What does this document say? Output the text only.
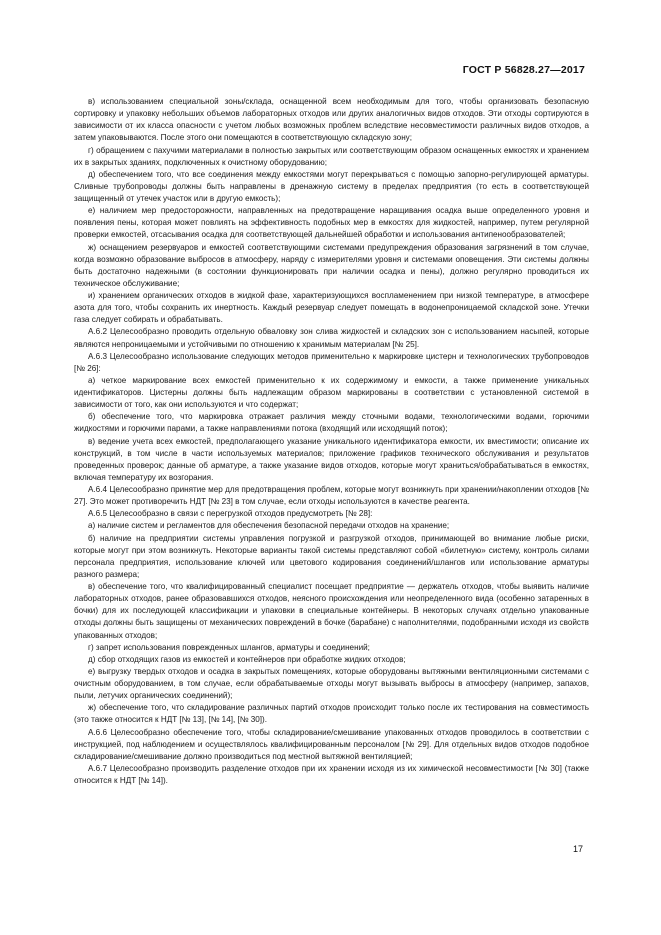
ГОСТ Р 56828.27—2017

в) использованием специальной зоны/склада, оснащенной всем необходимым для того, чтобы организовать безопасную сортировку и упаковку небольших объемов лабораторных отходов или других аналогичных видов отходов. Эти отходы сортируются в зависимости от их класса опасности с учетом любых возможных проблем вследствие несовместимости различных видов отходов, а затем упаковываются. После этого они помещаются в соответствующую складскую зону;

г) обращением с пахучими материалами в полностью закрытых или соответствующим образом оснащенных емкостях и хранением их в закрытых зданиях, подключенных к очистному оборудованию;

д) обеспечением того, что все соединения между емкостями могут перекрываться с помощью запорно-регулирующей арматуры. Сливные трубопроводы должны быть направлены в дренажную систему в пределах предприятия (то есть в соответствующей защищенный от утечек участок или в другую емкость);

е) наличием мер предосторожности, направленных на предотвращение наращивания осадка выше определенного уровня и появления пены, которая может повлиять на эффективность подобных мер в емкостях для жидкостей, например, путем регулярной проверки емкостей, отсасывания осадка для соответствующей дальнейшей обработки и использования антипенообразователей;

ж) оснащением резервуаров и емкостей соответствующими системами предупреждения образования загрязнений в том случае, когда возможно образование выбросов в атмосферу, наряду с измерителями уровня и системами оповещения. Эти системы должны быть достаточно надежными (в состоянии функционировать при наличии осадка и пены), должно регулярно проводиться их техническое обслуживание;

и) хранением органических отходов в жидкой фазе, характеризующихся воспламенением при низкой температуре, в атмосфере азота для того, чтобы сохранить их инертность. Каждый резервуар следует помещать в водонепроницаемой складской зоне. Утечки газа следует собирать и обрабатывать.

А.6.2 Целесообразно проводить отдельную обваловку зон слива жидкостей и складских зон с использованием насыпей, которые являются непроницаемыми и устойчивыми по отношению к хранимым материалам [№ 25].

А.6.3 Целесообразно использование следующих методов применительно к маркировке цистерн и технологических трубопроводов [№ 26]:

а) четкое маркирование всех емкостей применительно к их содержимому и емкости, а также применение уникальных идентификаторов. Цистерны должны быть надлежащим образом маркированы в соответствии с установленной системой в зависимости от того, как они используются и что содержат;

б) обеспечение того, что маркировка отражает различия между сточными водами, технологическими водами, горючими жидкостями и горючими парами, а также направлениями потока (входящий или исходящий поток);

в) ведение учета всех емкостей, предполагающего указание уникального идентификатора емкости, их вместимости; описание их конструкций, в том числе в части используемых материалов; приложение графиков технического обслуживания и результатов проведенных проверок; данные об арматуре, а также указание видов отходов, которые могут храниться/обрабатываться в емкостях, включая температуру их возгорания.

А.6.4 Целесообразно принятие мер для предотвращения проблем, которые могут возникнуть при хранении/накоплении отходов [№ 27]. Это может противоречить НДТ [№ 23] в том случае, если отходы используются в качестве реагента.

А.6.5 Целесообразно в связи с перегрузкой отходов предусмотреть [№ 28]:

а) наличие систем и регламентов для обеспечения безопасной передачи отходов на хранение;

б) наличие на предприятии системы управления погрузкой и разгрузкой отходов, принимающей во внимание любые риски, которые могут при этом возникнуть. Некоторые варианты такой системы представляют собой «билетную» систему, контроль силами персонала предприятия, использование ключей или цветового кодирования соединений/шлангов или использование арматуры разного размера;

в) обеспечение того, что квалифицированный специалист посещает предприятие — держатель отходов, чтобы выявить наличие лабораторных отходов, ранее образовавшихся отходов, неясного происхождения или неопределенного вида (особенно затаренных в бочки) для их последующей классификации и упаковки в специальные контейнеры. В некоторых случаях отдельно упакованные отходы должны быть защищены от механических повреждений в бочке (барабане) с наполнителями, подобранными исходя из свойств упакованных отходов;

г) запрет использования поврежденных шлангов, арматуры и соединений;

д) сбор отходящих газов из емкостей и контейнеров при обработке жидких отходов;

е) выгрузку твердых отходов и осадка в закрытых помещениях, которые оборудованы вытяжными вентиляционными системами с очистным оборудованием, в том случае, если обрабатываемые отходы могут вызывать выбросы в атмосферу (например, запахов, пыли, летучих органических соединений);

ж) обеспечение того, что складирование различных партий отходов происходит только после их тестирования на совместимость (это также относится к НДТ [№ 13], [№ 14], [№ 30]).

А.6.6 Целесообразно обеспечение того, чтобы складирование/смешивание упакованных отходов проводилось в соответствии с инструкцией, под наблюдением и осуществлялось квалифицированным персоналом [№ 29]. Для отдельных видов отходов подобное складирование/смешивание должно производиться под местной вытяжной вентиляцией;

А.6.7 Целесообразно производить разделение отходов при их хранении исходя из их химической несовместимости [№ 30] (также относится к НДТ [№ 14]).

17
